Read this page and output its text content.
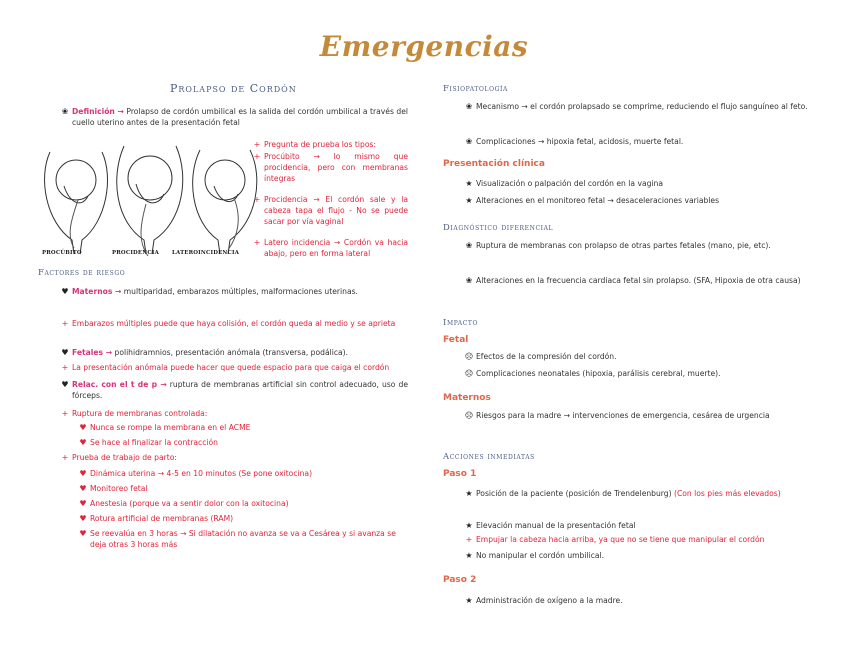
Emergencias
Prolapso de Cordón
❀ Definición → Prolapso de cordón umbilical es la salida del cordón umbilical a través del cuello uterino antes de la presentación fetal
PROCÚBITO	PROCIDENCIA LATEROINCIDENCIA
+ Pregunta de prueba los tipos:
+ Procúbito → lo mismo que procidencia, pero con membranas íntegras
+ Procidencia → El cordón sale y la cabeza tapa el flujo - No se puede sacar por vía vaginal
+ Latero incidencia → Cordón va hacia abajo, pero en forma lateral
Factores de riesgo
♥ Maternos → multiparidad, embarazos múltiples, malformaciones uterinas.
+ Embarazos múltiples puede que haya colisión, el cordón queda al medio y se aprieta
♥ Fetales → polihidramnios, presentación anómala (transversa, podálica).
+ La presentación anómala puede hacer que quede espacio para que caiga el cordón
♥ Relac. con el t de p → ruptura de membranas artificial sin control adecuado, uso de fórceps.
+ Ruptura de membranas controlada:
♥ Nunca se rompe la membrana en el ACME
♥ Se hace al finalizar la contracción
+ Prueba de trabajo de parto:
♥ Dinámica uterina → 4-5 en 10 minutos (Se pone oxitocina)
♥ Monitoreo fetal
♥ Anestesia (porque va a sentir dolor con la oxitocina)
♥ Rotura artificial de membranas (RAM)
♥ Se reevalúa en 3 horas → Si dilatación no avanza se va a Cesárea y si avanza se deja otras 3 horas más
Fisiopatología
❀ Mecanismo → el cordón prolapsado se comprime, reduciendo el flujo sanguíneo al feto.
❀ Complicaciones → hipoxia fetal, acidosis, muerte fetal.
Presentación clínica
★ Visualización o palpación del cordón en la vagina
★ Alteraciones en el monitoreo fetal → desaceleraciones variables
Diagnóstico diferencial
❀ Ruptura de membranas con prolapso de otras partes fetales (mano, pie, etc).
❀ Alteraciones en la frecuencia cardiaca fetal sin prolapso. (SFA, Hipoxia de otra causa)
Impacto
Fetal
☹ Efectos de la compresión del cordón.
☹ Complicaciones neonatales (hipoxia, parálisis cerebral, muerte).
Maternos
☹ Riesgos para la madre → intervenciones de emergencia, cesárea de urgencia
Acciones inmediatas
Paso 1
★ Posición de la paciente (posición de Trendelenburg) (Con los pies más elevados)
★ Elevación manual de la presentación fetal
+ Empujar la cabeza hacia arriba, ya que no se tiene que manipular el cordón
★ No manipular el cordón umbilical.
Paso 2
★ Administración de oxígeno a la madre.
